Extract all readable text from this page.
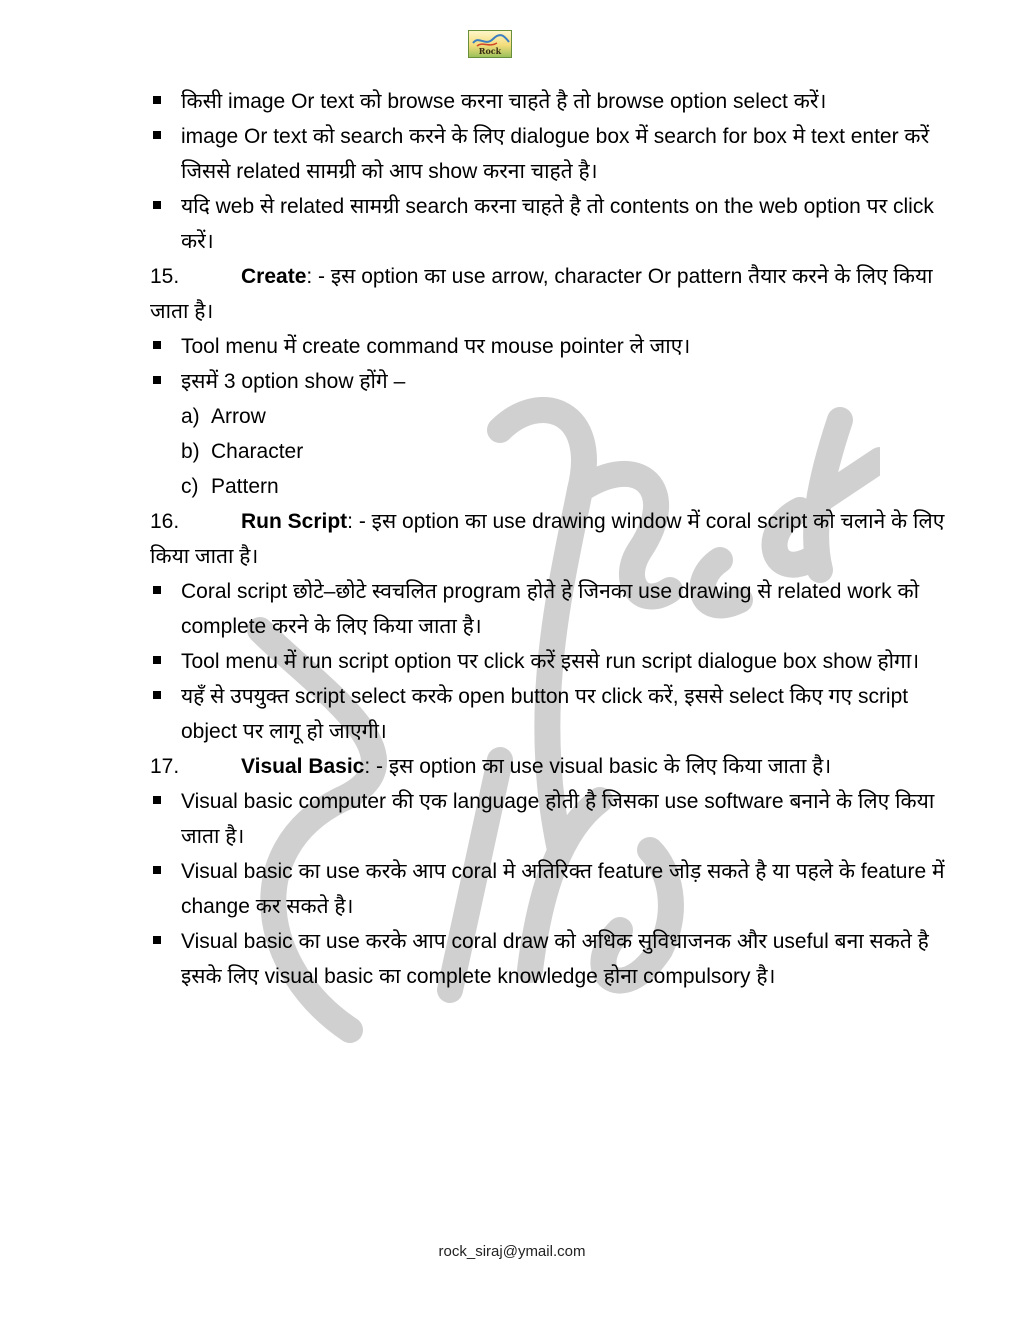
Rock

किसी image Or text को browse करना चाहते है तो browse option select करें।

image Or text को search करने के लिए dialogue box में search for box मे text enter करें जिससे related सामग्री को आप show करना चाहते है।

यदि web से related सामग्री search करना चाहते है तो contents on the web option पर click करें।

15.	Create: - इस option का use arrow, character Or pattern तैयार करने के लिए किया जाता है।

Tool menu में create command पर mouse pointer ले जाए।

इसमें 3 option show होंगे –

a) Arrow

b) Character

c) Pattern

16.	Run Script: - इस option का use drawing window में coral script को चलाने के लिए किया जाता है।

Coral script छोटे–छोटे स्वचलित program होते हे जिनका use drawing से related work को complete करने के लिए किया जाता है।

Tool menu में run script option पर click करें इससे run script dialogue box show होगा।

यहॅं से उपयुक्त script select करके open button पर click करें, इससे select किए गए script object पर लागू हो जाएगी।

17.	Visual Basic: - इस option का use visual basic के लिए किया जाता है।

Visual basic computer की एक language होती है जिसका use software बनाने के लिए किया जाता है।

Visual basic का use करके आप coral मे अतिरिक्त feature जोड़ सकते है या पहले के feature में change कर सकते है।

Visual basic का use करके आप coral draw को अधिक सुविधाजनक और useful बना सकते है इसके लिए visual basic का complete knowledge होना compulsory है।

rock_siraj@ymail.com
